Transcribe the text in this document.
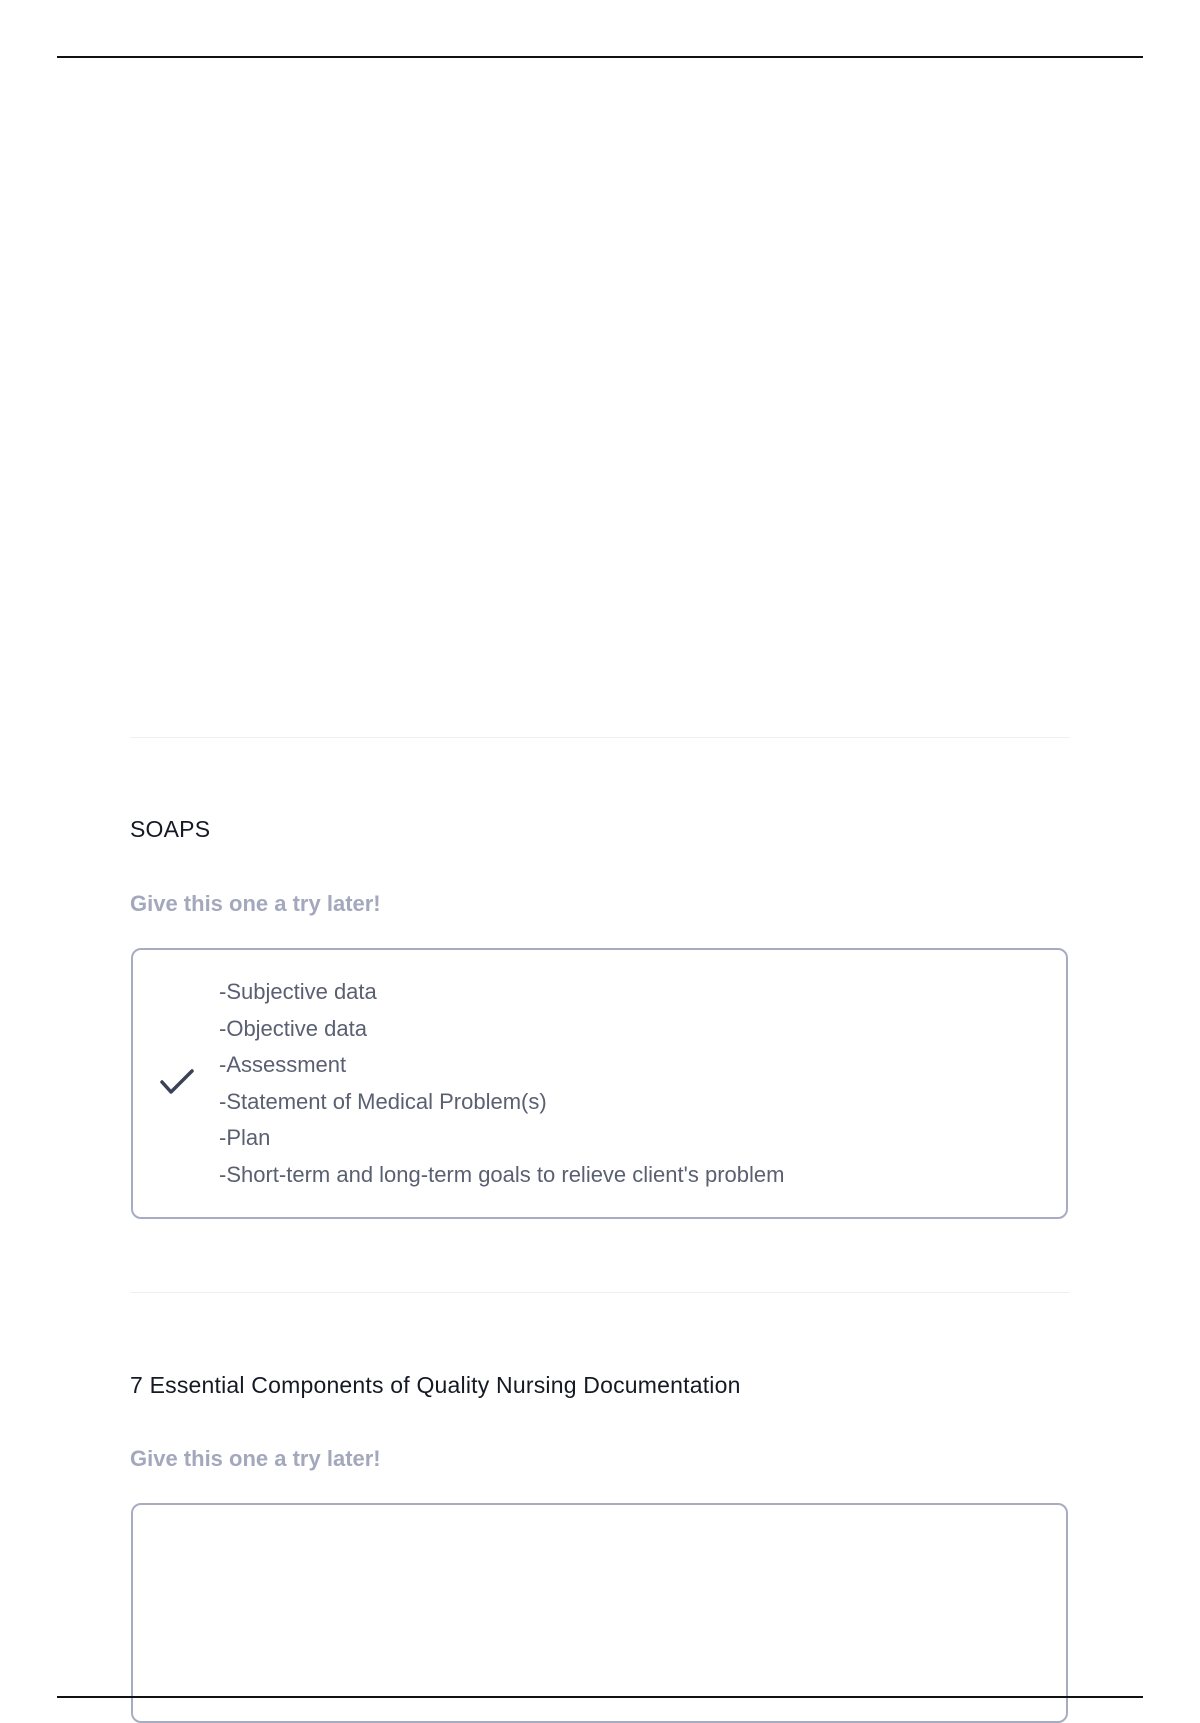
SOAPS
Give this one a try later!
-Subjective data
-Objective data
-Assessment
-Statement of Medical Problem(s)
-Plan
-Short-term and long-term goals to relieve client's problem
7 Essential Components of Quality Nursing Documentation
Give this one a try later!
